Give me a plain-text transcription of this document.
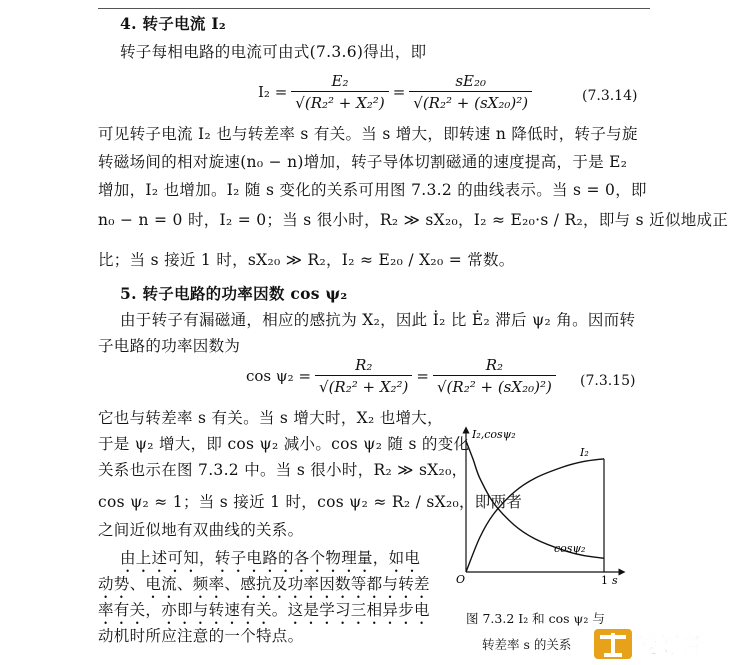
4. 转子电流 I₂
转子每相电路的电流可由式(7.3.6)得出，即
$I_2 = \frac{\text{E₂}}{\text{√(R₂² + X₂²)}} = \frac{\text{sE₂₀}}{\text{√(R₂² + (sX₂₀)²)}}$	(7.3.14)
可见转子电流 I₂ 也与转差率 s 有关。当 s 增大，即转速 n 降低时，转子与旋
转磁场间的相对旋速(n₀ − n)增加，转子导体切割磁通的速度提高，于是 E₂
增加，I₂ 也增加。I₂ 随 s 变化的关系可用图 7.3.2 的曲线表示。当 s = 0，即
n₀ − n = 0 时，I₂ = 0；当 s 很小时，R₂ ≫ sX₂₀，I₂ ≈ E₂₀·s / R₂，即与 s 近似地成正
比；当 s 接近 1 时，sX₂₀ ≫ R₂，I₂ ≈ E₂₀ / X₂₀ = 常数。
5. 转子电路的功率因数 cos ψ₂
由于转子有漏磁通，相应的感抗为 X₂，因此 İ₂ 比 Ė₂ 滞后 ψ₂ 角。因而转
子电路的功率因数为
$\cos \psi_2 = \frac{\text{R₂}}{\text{√(R₂² + X₂²)}} = \frac{\text{R₂}}{\text{√(R₂² + (sX₂₀)²)}} (7.3.15)$
它也与转差率 s 有关。当 s 增大时，X₂ 也增大，
于是 ψ₂ 增大，即 cos ψ₂ 减小。cos ψ₂ 随 s 的变化
关系也示在图 7.3.2 中。当 s 很小时，R₂ ≫ sX₂₀，
cos ψ₂ ≈ 1；当 s 接近 1 时，cos ψ₂ ≈ R₂ / sX₂₀，即两者
之间近似地有双曲线的关系。
由上述可知，转子电路的各个物理量，如电
动势、电流、频率、感抗及功率因数等都与转差
率有关，亦即与转速有关。这是学习三相异步电
动机时所应注意的一个特点。
I₂,cosψ₂
I₂
cosψ₂
O	1 s
图 7.3.2 I₂ 和 cos ψ₂ 与
转差率 s 的关系	爱好者
